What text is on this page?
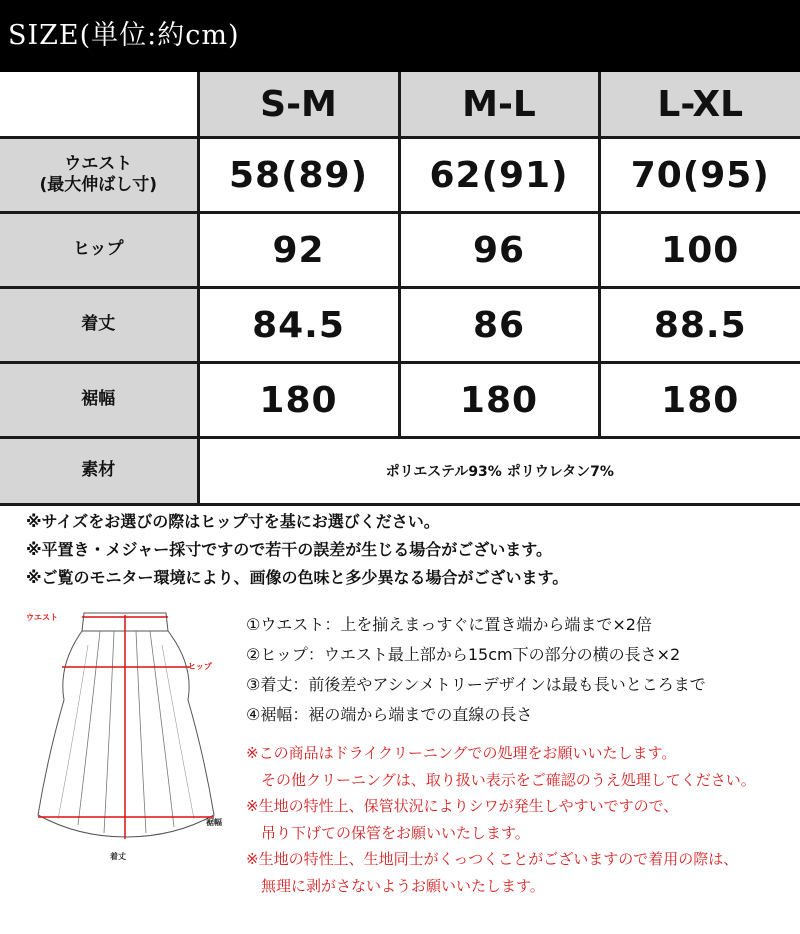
SIZE(単位:約cm)
	S-M	M-L	L-XL

ウエスト
(最大伸ばし寸)	58(89)	62(91)	70(95)
ヒップ	92	96	100
着丈	84.5	86	88.5
裾幅	180	180	180
素材	ポリエステル93% ポリウレタン7%		
※サイズをお選びの際はヒップ寸を基にお選びください。
※平置き・メジャー採寸ですので若干の誤差が生じる場合がございます。
※ご覧のモニター環境により、画像の色味と多少異なる場合がございます。
ウエスト
ヒップ
裾幅
着丈
①ウエスト：上を揃えまっすぐに置き端から端まで×2倍
②ヒップ：ウエスト最上部から15cm下の部分の横の長さ×2
③着丈：前後差やアシンメトリーデザインは最も長いところまで
④裾幅：裾の端から端までの直線の長さ
※この商品はドライクリーニングでの処理をお願いいたします。
　その他クリーニングは、取り扱い表示をご確認のうえ処理してください。
※生地の特性上、保管状況によりシワが発生しやすいですので、
　吊り下げての保管をお願いいたします。
※生地の特性上、生地同士がくっつくことがございますので着用の際は、
　無理に剥がさないようお願いいたします。
